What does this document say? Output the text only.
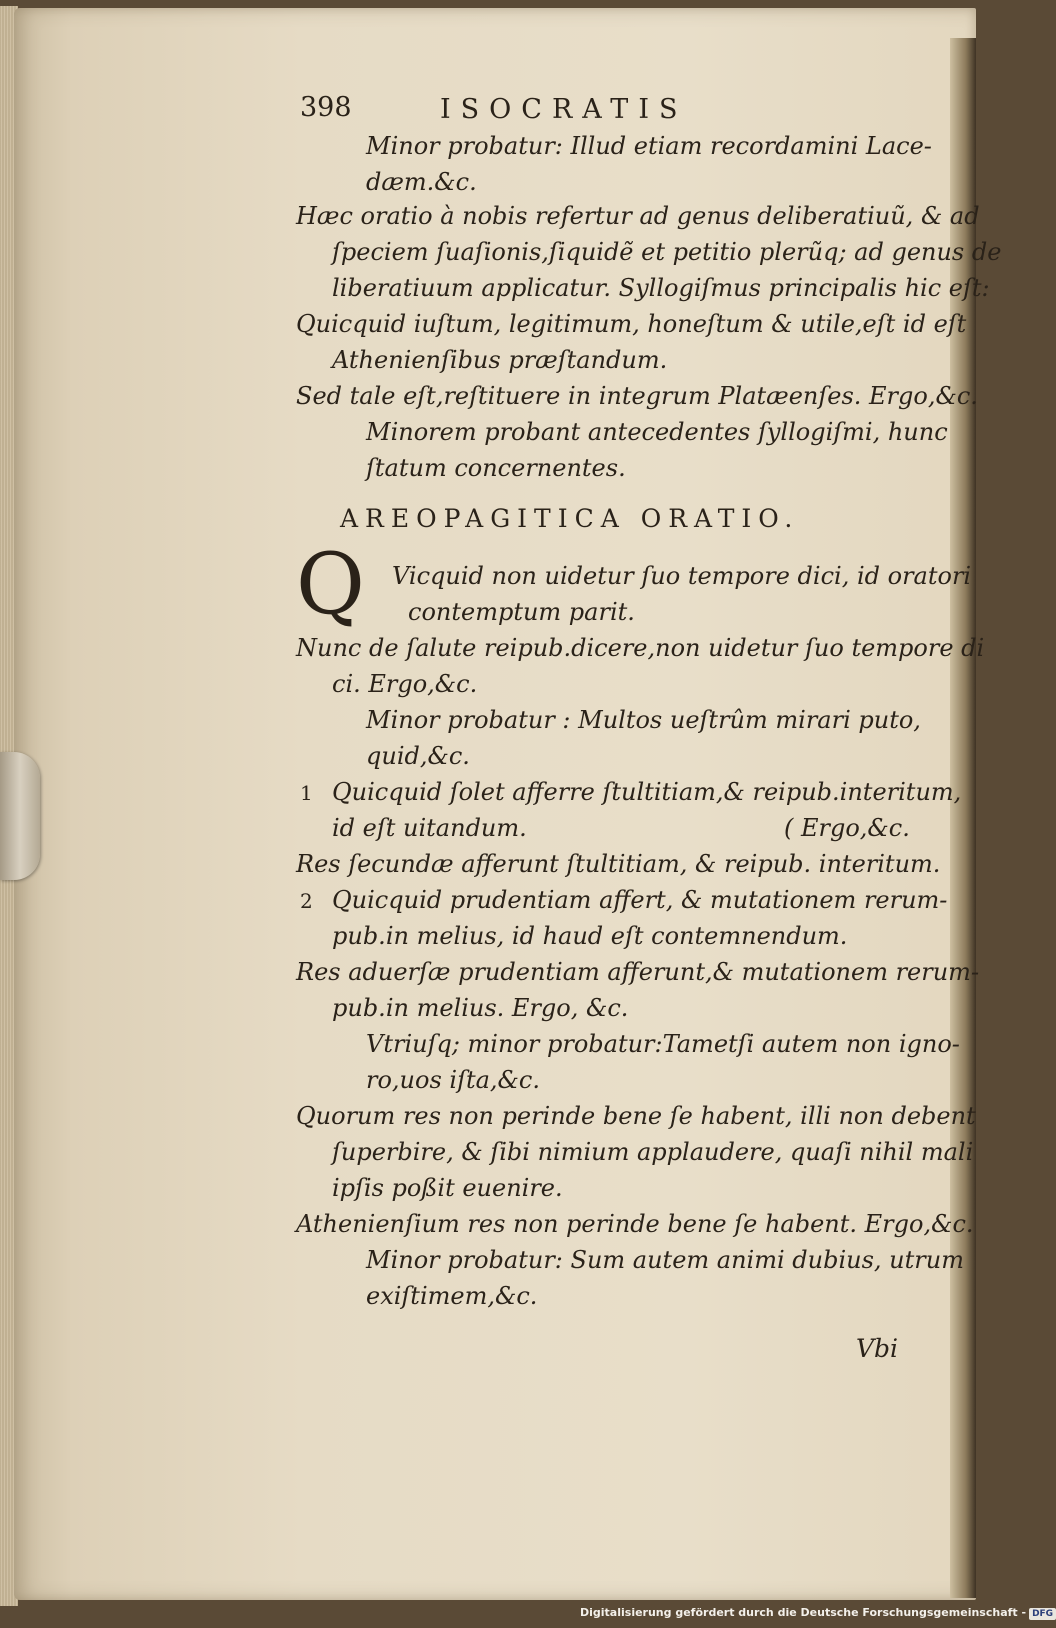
398	ISOCRATIS
Minor probatur: Illud etiam recordamini Lace-
dæm.&c.
Hæc oratio à nobis refertur ad genus deliberatiuũ, & ad
ſpeciem ſuaſionis,ſiquidẽ et petitio plerũq; ad genus de
liberatiuum applicatur. Syllogiſmus principalis hic eſt:
Quicquid iuſtum, legitimum, honeſtum & utile,eſt id eſt
Athenienſibus præſtandum.
Sed tale eſt,reſtituere in integrum Platæenſes. Ergo,&c.
Minorem probant antecedentes ſyllogiſmi, hunc
ſtatum concernentes.
AREOPAGITICA ORATIO.
Q Vicquid non uidetur ſuo tempore dici, id oratori
contemptum parit.
Nunc de ſalute reipub.dicere,non uidetur ſuo tempore di
ci. Ergo,&c.
Minor probatur : Multos ueſtrûm mirari puto,
quid,&c.
1 Quicquid ſolet afferre ſtultitiam,& reipub.interitum,
id eſt uitandum.	( Ergo,&c.
Res ſecundæ afferunt ſtultitiam, & reipub. interitum.
2 Quicquid prudentiam affert, & mutationem rerum-
pub.in melius, id haud eſt contemnendum.
Res aduerſæ prudentiam afferunt,& mutationem rerum-
pub.in melius. Ergo, &c.
Vtriuſq; minor probatur:Tametſi autem non igno-
ro,uos iſta,&c.
Quorum res non perinde bene ſe habent, illi non debent
ſuperbire, & ſibi nimium applaudere, quaſi nihil mali
ipſis poßit euenire.
Athenienſium res non perinde bene ſe habent. Ergo,&c.
Minor probatur: Sum autem animi dubius, utrum
exiſtimem,&c.
Vbi
Digitalisierung gefördert durch die Deutsche Forschungsgemeinschaft - DFG
